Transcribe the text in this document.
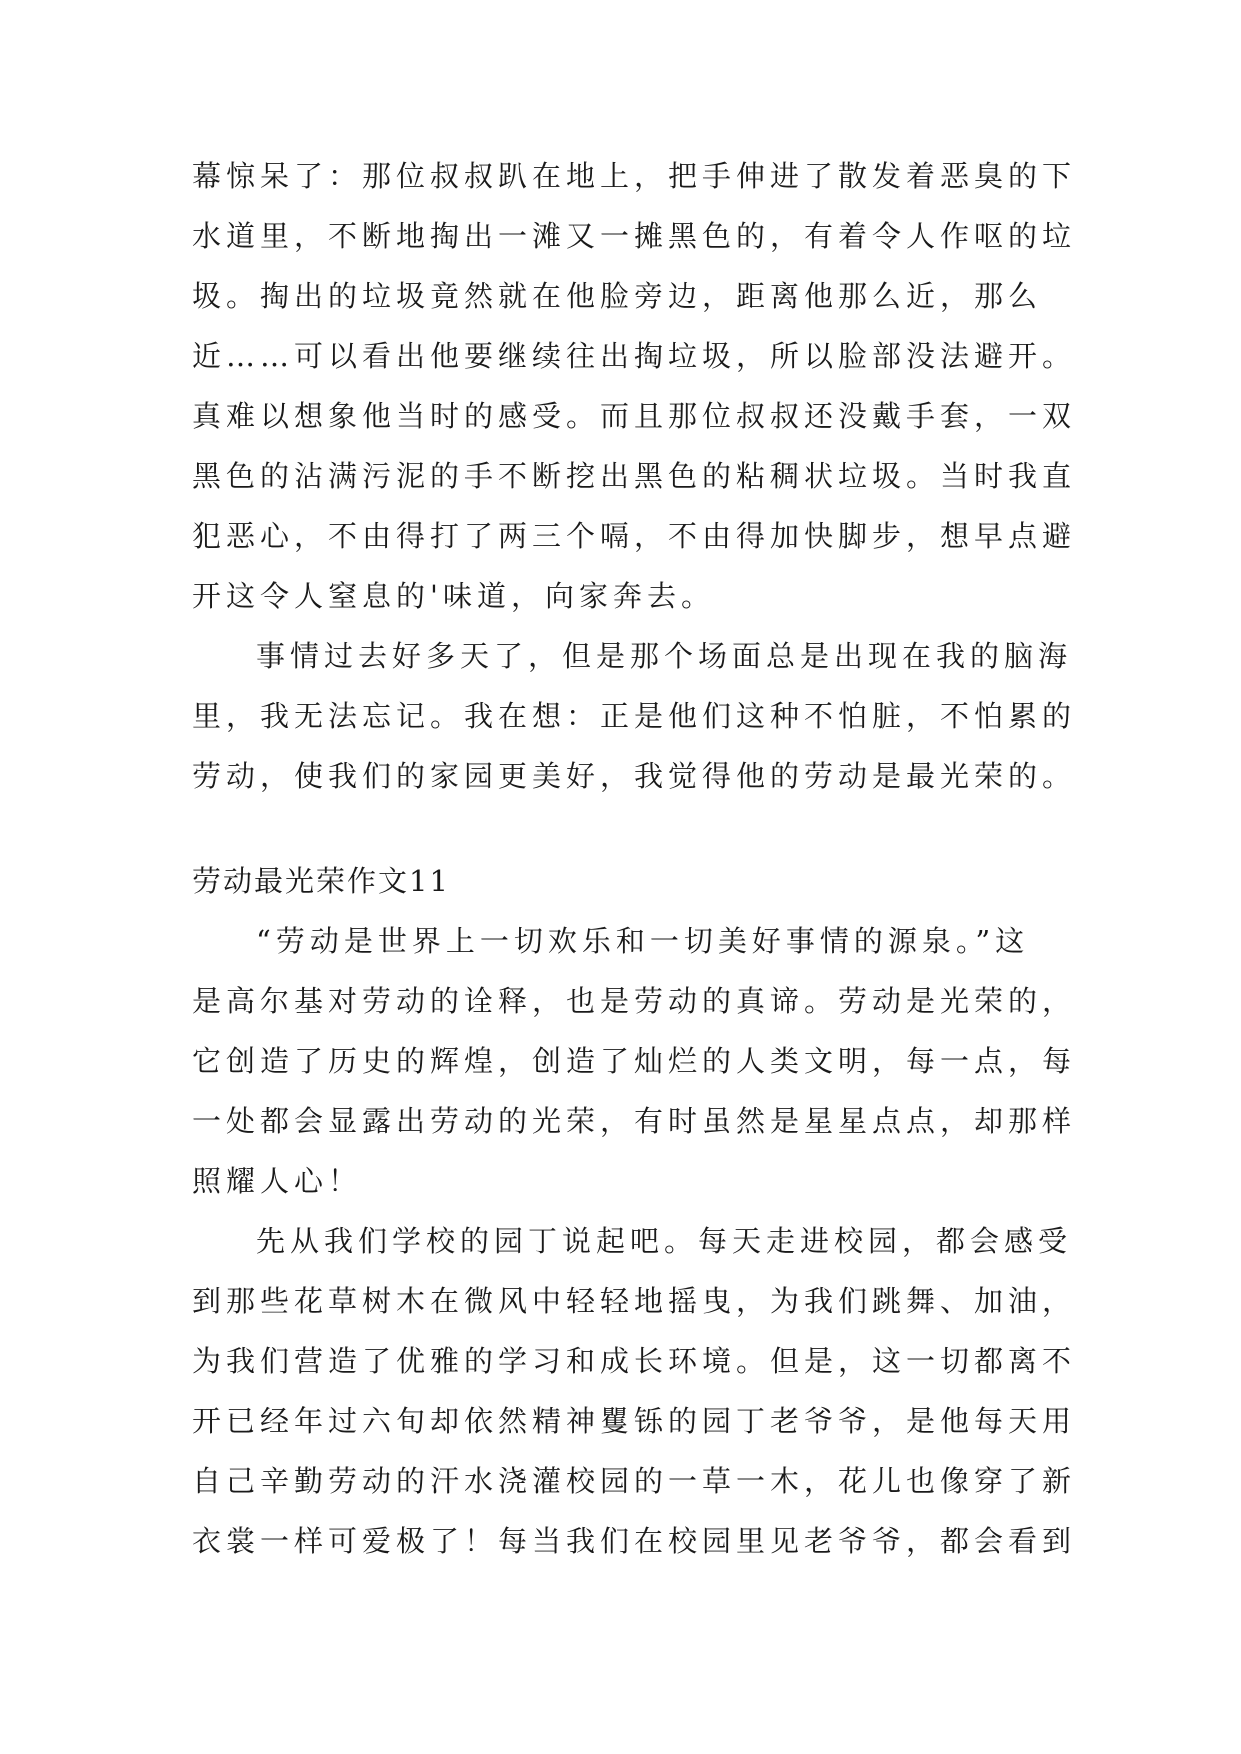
幕惊呆了：那位叔叔趴在地上，把手伸进了散发着恶臭的下
水道里，不断地掏出一滩又一摊黑色的，有着令人作呕的垃
圾。掏出的垃圾竟然就在他脸旁边，距离他那么近，那么
近……可以看出他要继续往出掏垃圾，所以脸部没法避开。
真难以想象他当时的感受。而且那位叔叔还没戴手套，一双
黑色的沾满污泥的手不断挖出黑色的粘稠状垃圾。当时我直
犯恶心，不由得打了两三个嗝，不由得加快脚步，想早点避
开这令人窒息的'味道，向家奔去。
事情过去好多天了，但是那个场面总是出现在我的脑海
里，我无法忘记。我在想：正是他们这种不怕脏，不怕累的
劳动，使我们的家园更美好，我觉得他的劳动是最光荣的。
劳动最光荣作文11
“劳动是世界上一切欢乐和一切美好事情的源泉。”这
是高尔基对劳动的诠释，也是劳动的真谛。劳动是光荣的，
它创造了历史的辉煌，创造了灿烂的人类文明，每一点，每
一处都会显露出劳动的光荣，有时虽然是星星点点，却那样
照耀人心！
先从我们学校的园丁说起吧。每天走进校园，都会感受
到那些花草树木在微风中轻轻地摇曳，为我们跳舞、加油，
为我们营造了优雅的学习和成长环境。但是，这一切都离不
开已经年过六旬却依然精神矍铄的园丁老爷爷，是他每天用
自己辛勤劳动的汗水浇灌校园的一草一木，花儿也像穿了新
衣裳一样可爱极了！每当我们在校园里见老爷爷，都会看到
